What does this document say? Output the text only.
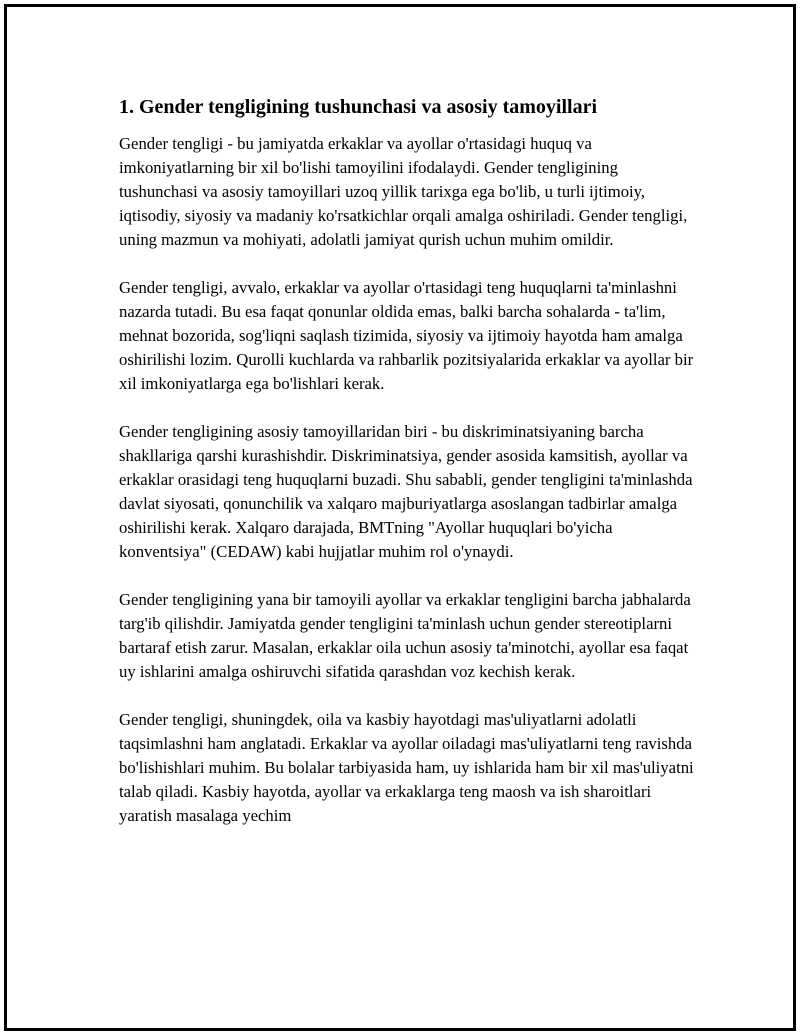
1. Gender tengligining tushunchasi va asosiy tamoyillari

Gender tengligi - bu jamiyatda erkaklar va ayollar o'rtasidagi huquq va imkoniyatlarning bir xil bo'lishi tamoyilini ifodalaydi. Gender tengligining tushunchasi va asosiy tamoyillari uzoq yillik tarixga ega bo'lib, u turli ijtimoiy, iqtisodiy, siyosiy va madaniy ko'rsatkichlar orqali amalga oshiriladi. Gender tengligi, uning mazmun va mohiyati, adolatli jamiyat qurish uchun muhim omildir.

Gender tengligi, avvalo, erkaklar va ayollar o'rtasidagi teng huquqlarni ta'minlashni nazarda tutadi. Bu esa faqat qonunlar oldida emas, balki barcha sohalarda - ta'lim, mehnat bozorida, sog'liqni saqlash tizimida, siyosiy va ijtimoiy hayotda ham amalga oshirilishi lozim. Qurolli kuchlarda va rahbarlik pozitsiyalarida erkaklar va ayollar bir xil imkoniyatlarga ega bo'lishlari kerak.

Gender tengligining asosiy tamoyillaridan biri - bu diskriminatsiyaning barcha shakllariga qarshi kurashishdir. Diskriminatsiya, gender asosida kamsitish, ayollar va erkaklar orasidagi teng huquqlarni buzadi. Shu sababli, gender tengligini ta'minlashda davlat siyosati, qonunchilik va xalqaro majburiyatlarga asoslangan tadbirlar amalga oshirilishi kerak. Xalqaro darajada, BMTning "Ayollar huquqlari bo'yicha konventsiya" (CEDAW) kabi hujjatlar muhim rol o'ynaydi.

Gender tengligining yana bir tamoyili ayollar va erkaklar tengligini barcha jabhalarda targ'ib qilishdir. Jamiyatda gender tengligini ta'minlash uchun gender stereotiplarni bartaraf etish zarur. Masalan, erkaklar oila uchun asosiy ta'minotchi, ayollar esa faqat uy ishlarini amalga oshiruvchi sifatida qarashdan voz kechish kerak.

Gender tengligi, shuningdek, oila va kasbiy hayotdagi mas'uliyatlarni adolatli taqsimlashni ham anglatadi. Erkaklar va ayollar oiladagi mas'uliyatlarni teng ravishda bo'lishishlari muhim. Bu bolalar tarbiyasida ham, uy ishlarida ham bir xil mas'uliyatni talab qiladi. Kasbiy hayotda, ayollar va erkaklarga teng maosh va ish sharoitlari yaratish masalaga yechim
